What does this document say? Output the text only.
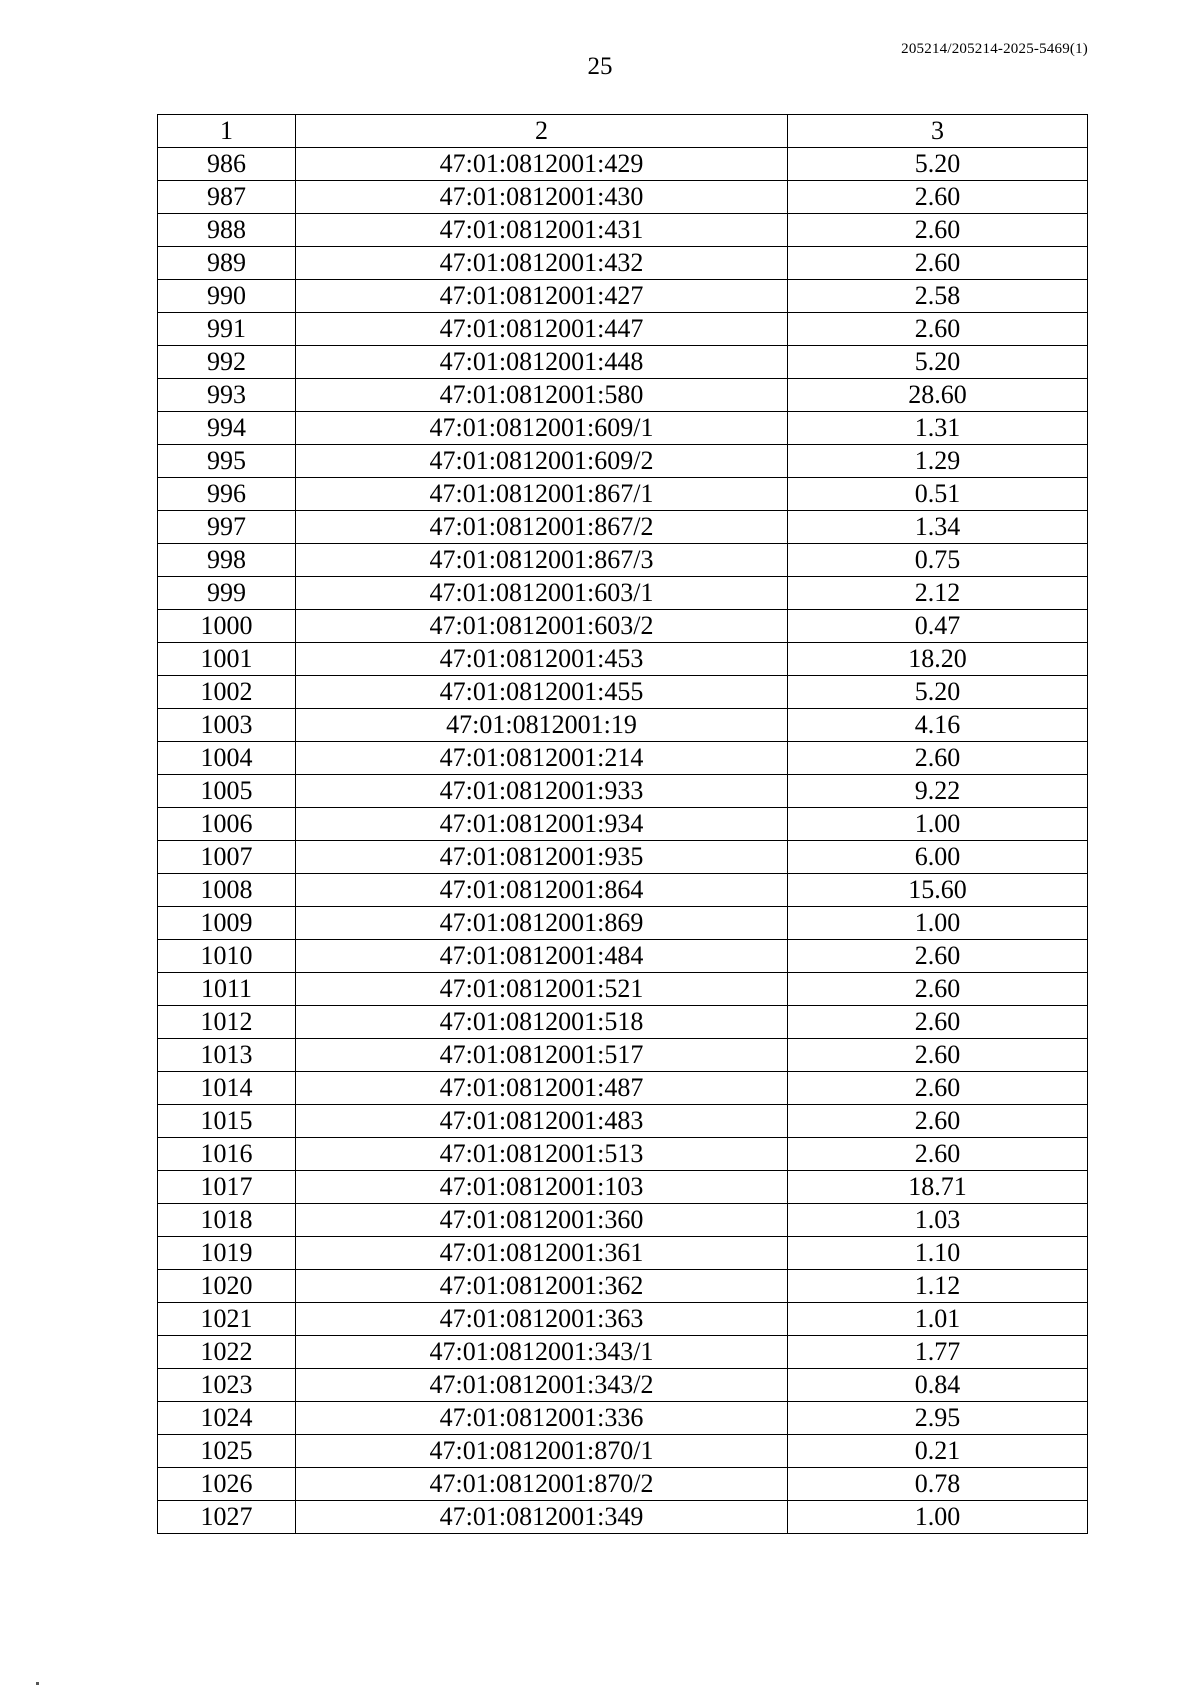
25
205214/205214-2025-5469(1)
1	2	3
986	47:01:0812001:429	5.20
987	47:01:0812001:430	2.60
988	47:01:0812001:431	2.60
989	47:01:0812001:432	2.60
990	47:01:0812001:427	2.58
991	47:01:0812001:447	2.60
992	47:01:0812001:448	5.20
993	47:01:0812001:580	28.60
994	47:01:0812001:609/1	1.31
995	47:01:0812001:609/2	1.29
996	47:01:0812001:867/1	0.51
997	47:01:0812001:867/2	1.34
998	47:01:0812001:867/3	0.75
999	47:01:0812001:603/1	2.12
1000	47:01:0812001:603/2	0.47
1001	47:01:0812001:453	18.20
1002	47:01:0812001:455	5.20
1003	47:01:0812001:19	4.16
1004	47:01:0812001:214	2.60
1005	47:01:0812001:933	9.22
1006	47:01:0812001:934	1.00
1007	47:01:0812001:935	6.00
1008	47:01:0812001:864	15.60
1009	47:01:0812001:869	1.00
1010	47:01:0812001:484	2.60
1011	47:01:0812001:521	2.60
1012	47:01:0812001:518	2.60
1013	47:01:0812001:517	2.60
1014	47:01:0812001:487	2.60
1015	47:01:0812001:483	2.60
1016	47:01:0812001:513	2.60
1017	47:01:0812001:103	18.71
1018	47:01:0812001:360	1.03
1019	47:01:0812001:361	1.10
1020	47:01:0812001:362	1.12
1021	47:01:0812001:363	1.01
1022	47:01:0812001:343/1	1.77
1023	47:01:0812001:343/2	0.84
1024	47:01:0812001:336	2.95
1025	47:01:0812001:870/1	0.21
1026	47:01:0812001:870/2	0.78
1027	47:01:0812001:349	1.00
